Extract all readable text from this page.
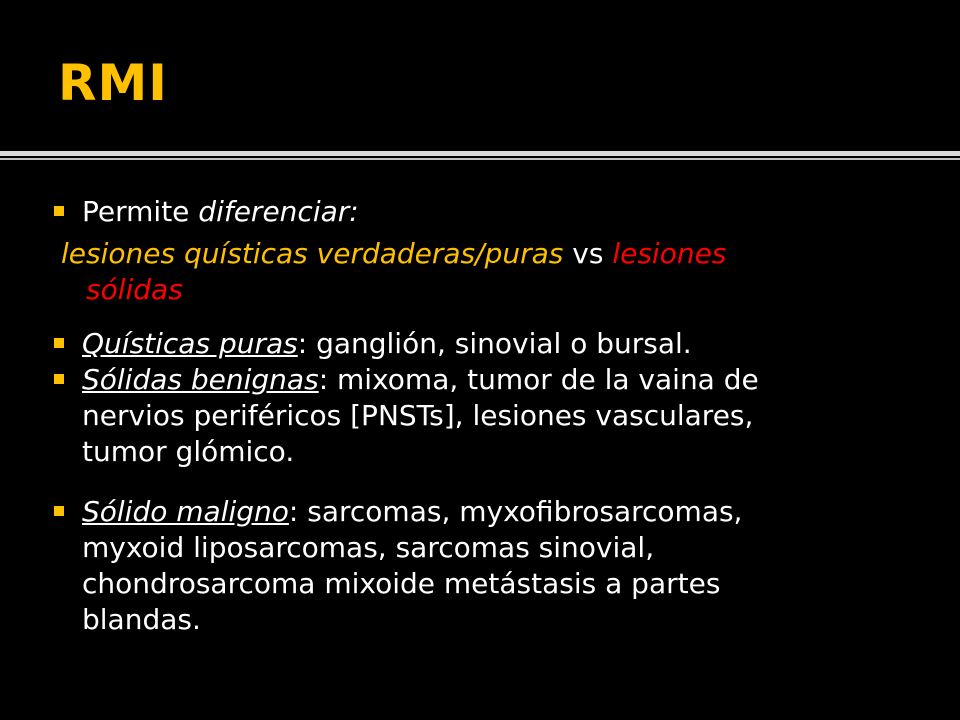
RMI
Permite diferenciar:
lesiones quísticas verdaderas/puras vs lesiones
sólidas
Quísticas puras: ganglión, sinovial o bursal.
Sólidas benignas: mixoma, tumor de la vaina de
nervios periféricos [PNSTs], lesiones vasculares,
tumor glómico.
Sólido maligno: sarcomas, myxofibrosarcomas,
myxoid liposarcomas, sarcomas sinovial,
chondrosarcoma mixoide metástasis a partes
blandas.
